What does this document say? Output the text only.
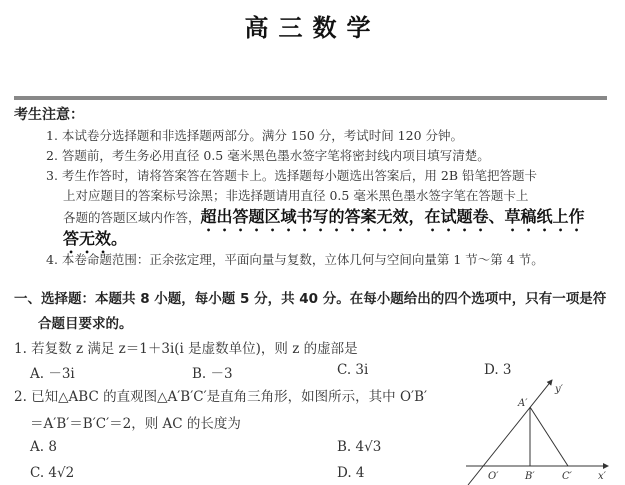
高三数学
考生注意：
1. 本试卷分选择题和非选择题两部分。满分 150 分，考试时间 120 分钟。
2. 答题前，考生务必用直径 0.5 毫米黑色墨水签字笔将密封线内项目填写清楚。
3. 考生作答时，请将答案答在答题卡上。选择题每小题选出答案后，用 2B 铅笔把答题卡
上对应题目的答案标号涂黑；非选择题请用直径 0.5 毫米黑色墨水签字笔在答题卡上
各题的答题区域内作答，超出答题区域书写的答案无效，在试题卷、草稿纸上作
答无效。
4. 本卷命题范围：正余弦定理，平面向量与复数，立体几何与空间向量第 1 节～第 4 节。
一、选择题：本题共 8 小题，每小题 5 分，共 40 分。在每小题给出的四个选项中，只有一项是符
合题目要求的。
1. 若复数 z 满足 z＝1＋3i(i 是虚数单位)，则 z 的虚部是
A. －3i	B. －3	C. 3i	D. 3
2. 已知△ABC 的直观图△A′B′C′是直角三角形，如图所示，其中 O′B′
＝A′B′＝B′C′＝2，则 AC 的长度为
A. 8	B. 4√3
C. 4√2	D. 4
y′
A′
O′	B′	C′	x′
